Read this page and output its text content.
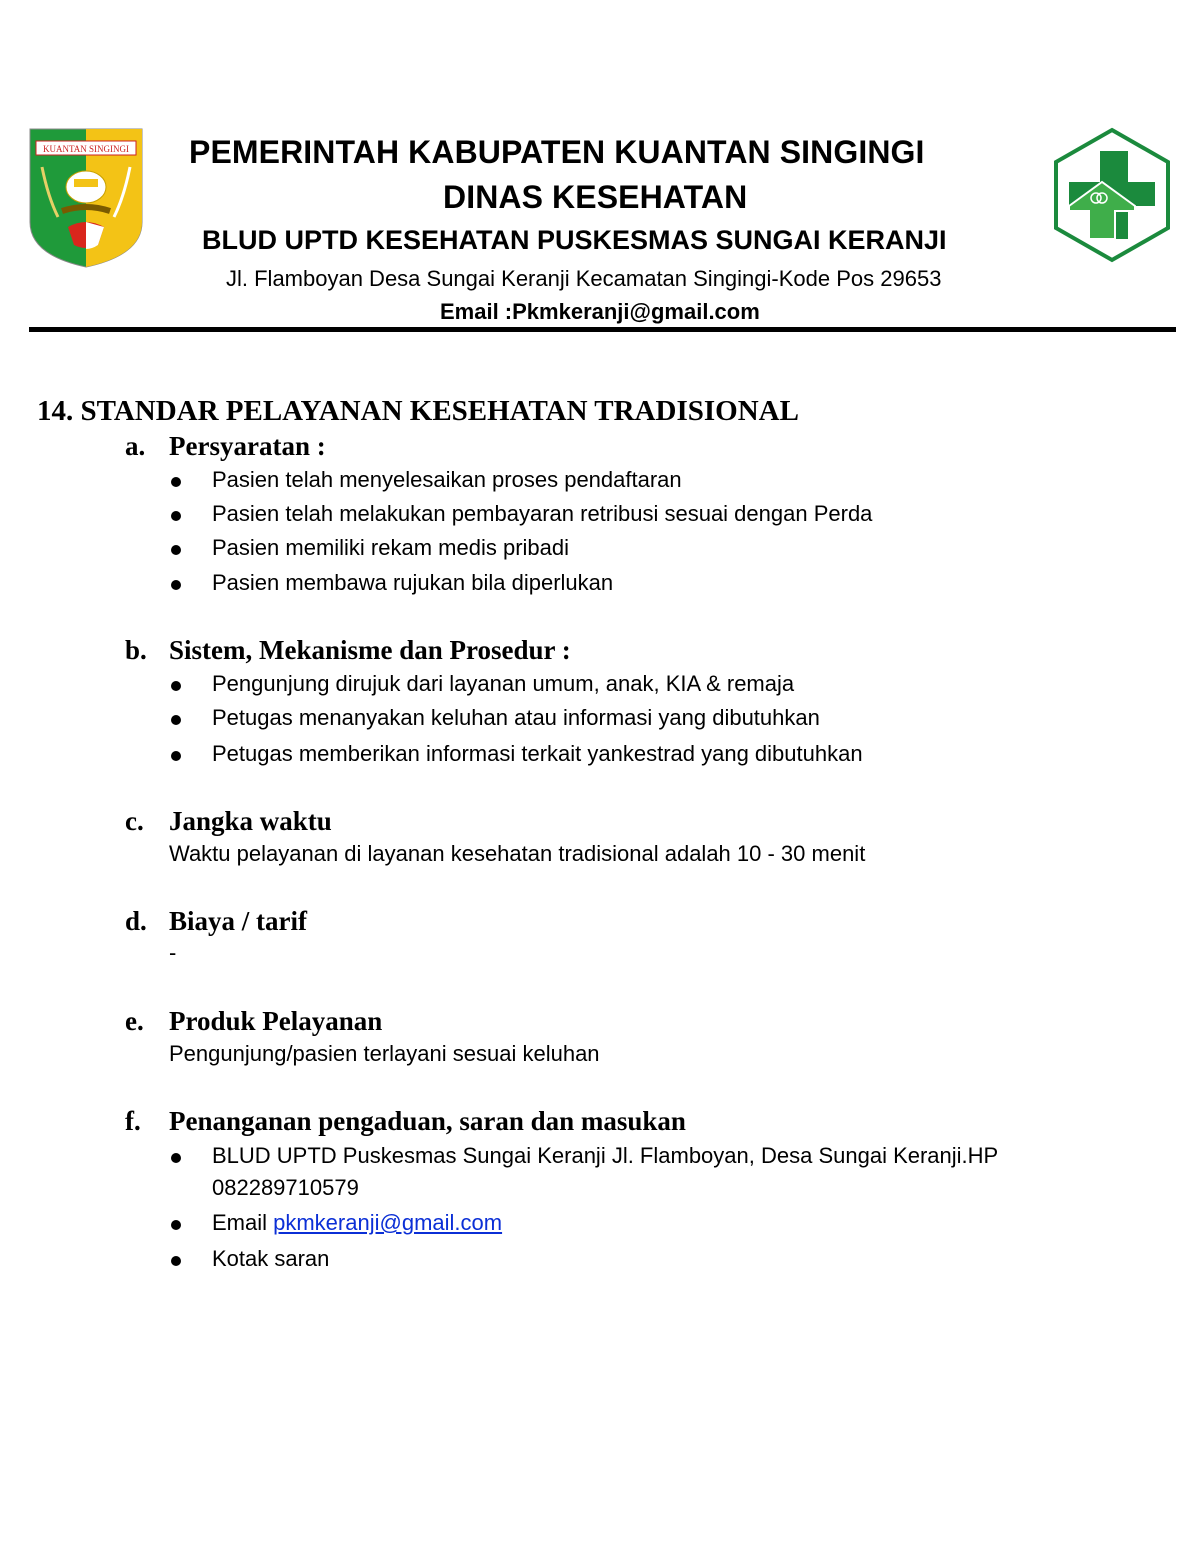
KUANTAN SINGINGI PEMERINTAH KABUPATEN KUANTAN SINGINGI
DINAS KESEHATAN
BLUD UPTD KESEHATAN PUSKESMAS SUNGAI KERANJI
Jl. Flamboyan Desa Sungai Keranji Kecamatan Singingi-Kode Pos 29653
Email :Pkmkeranji@gmail.com
14. STANDAR PELAYANAN KESEHATAN TRADISIONAL
a. Persyaratan :
Pasien telah menyelesaikan proses pendaftaran
Pasien telah melakukan pembayaran retribusi sesuai dengan Perda
Pasien memiliki rekam medis pribadi
Pasien membawa rujukan bila diperlukan
b. Sistem, Mekanisme dan Prosedur :
Pengunjung dirujuk dari layanan umum, anak, KIA & remaja
Petugas menanyakan keluhan atau informasi yang dibutuhkan
Petugas memberikan informasi terkait yankestrad yang dibutuhkan
c. Jangka waktu
Waktu pelayanan di layanan kesehatan tradisional adalah 10 - 30 menit
d. Biaya / tarif
-
e. Produk Pelayanan
Pengunjung/pasien terlayani sesuai keluhan
f. Penanganan pengaduan, saran dan masukan
BLUD UPTD Puskesmas Sungai Keranji Jl. Flamboyan, Desa Sungai Keranji.HP
082289710579
Email pkmkeranji@gmail.com
Kotak saran
